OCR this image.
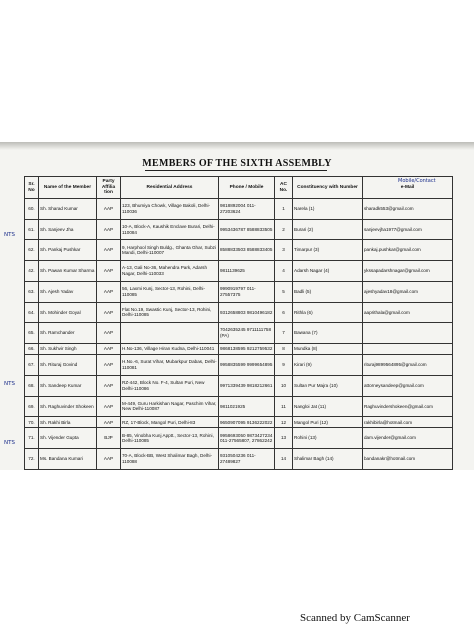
MEMBERS OF THE SIXTH ASSEMBLY
Mobile/Contact
Sr. No	Name of the Member	Party Affilia tion	Residential Address	Phone / Mobile	AC No.	Constituency with Number	e-Mail
60.	Sh. Sharad Kumar	AAP	123, Bhumiya Chowk, Village Bakoli, Delhi-110036	9818892004 011-27203624	1	Narela (1)	sharadk553@gmail.com
61.	Sh. Sanjeev Jha	AAP	10-A, Block-A, Kaushik Enclave Burari, Delhi-110084	9953436787 8588833505	2	Burari (2)	sanjeevjha1977@gmail.com
62.	Sh. Pankaj Pushkar	AAP	9, Harphool Singh Buldg., Ghanta Ghar, Subzi Mandi, Delhi-110007	8588833503 8588833405	3	Timarpur (3)	pankaj.pushkar@gmail.com
42.	Sh. Pawan Kumar Sharma	AAP	A-13, Gali No-36, Mahendra Park, Adarsh Nagar, Delhi-110033	9811139625	4	Adarsh Nagar (4)	ykssapadarshnagar@gmail.com
63.	Sh. Ajesh Yadav	AAP	56, Laxmi Kunj, Sector-13, Rohini, Delhi-110085	9990919797 011-27557375	5	Badli (5)	ajeshyadav18@gmail.com
64.	Sh. Mohinder Goyal	AAP	Flat No.19, Swastic Kunj, Sector-13, Rohini, Delhi-110085	9312658803 9810496182	6	Rithla (6)	aaprithala@gmail.com
65.	Sh. Ramchander	AAP		7042635245 9711111758 (PA)	7	Bawana (7)	
66.	Sh. Sukhvir Singh	AAP	H.No-136, Village Hiran Kudna, Delhi-110041	9868138595 9212759532	8	Mundka (8)	
67.	Sh. Rituraj Govind	AAP	H.No.-6, Surat Vihar, Mubarkpur Dabas, Delhi-110081	9958835599 9999654895	9	Kirari (9)	rituraj9899564895@gmail.com
68.	Sh. Sandeep Kumar	AAP	RZ-442, Block No. F-4, Sultan Puri, New Delhi-110086	9971339439 9818212661	10	Sultan Pur Majra (10)	attorneysandeep@gmail.com
69.	Sh. Raghuvinder Shokeen	AAP	M-449, Guru Harkishan Nagar, Paschim Vihar, New Delhi-110087	9811021925	11	Nangloi Jat (11)	Raghuvindershokeen@gmail.com
70.	Sh. Rakhi Birla	AAP	RZ, 17-Block, Mangol Puri, Delhi-83	9650907095 9136222022	12	Mangol Puri (12)	rakhibirla@hotmail.com
71.	Sh. Vijender Gupta	BJP	B-85, Vinobha Kunj Apptt., Sector-13, Rohini, Delhi-110085	9958693050 9873427234 011-27565807, 27862242	13	Rohini (13)	dam.vijender@gmail.com
72.	Ms. Bandana Kumari	AAP	70-A, Block-BB, West Shalimar Bagh, Delhi-110088	9310504236 011-27489827	14	Shalimar Bagh (14)	bandanakr@hotmail.com
NTS
NTS
NTS
Scanned by CamScanner
